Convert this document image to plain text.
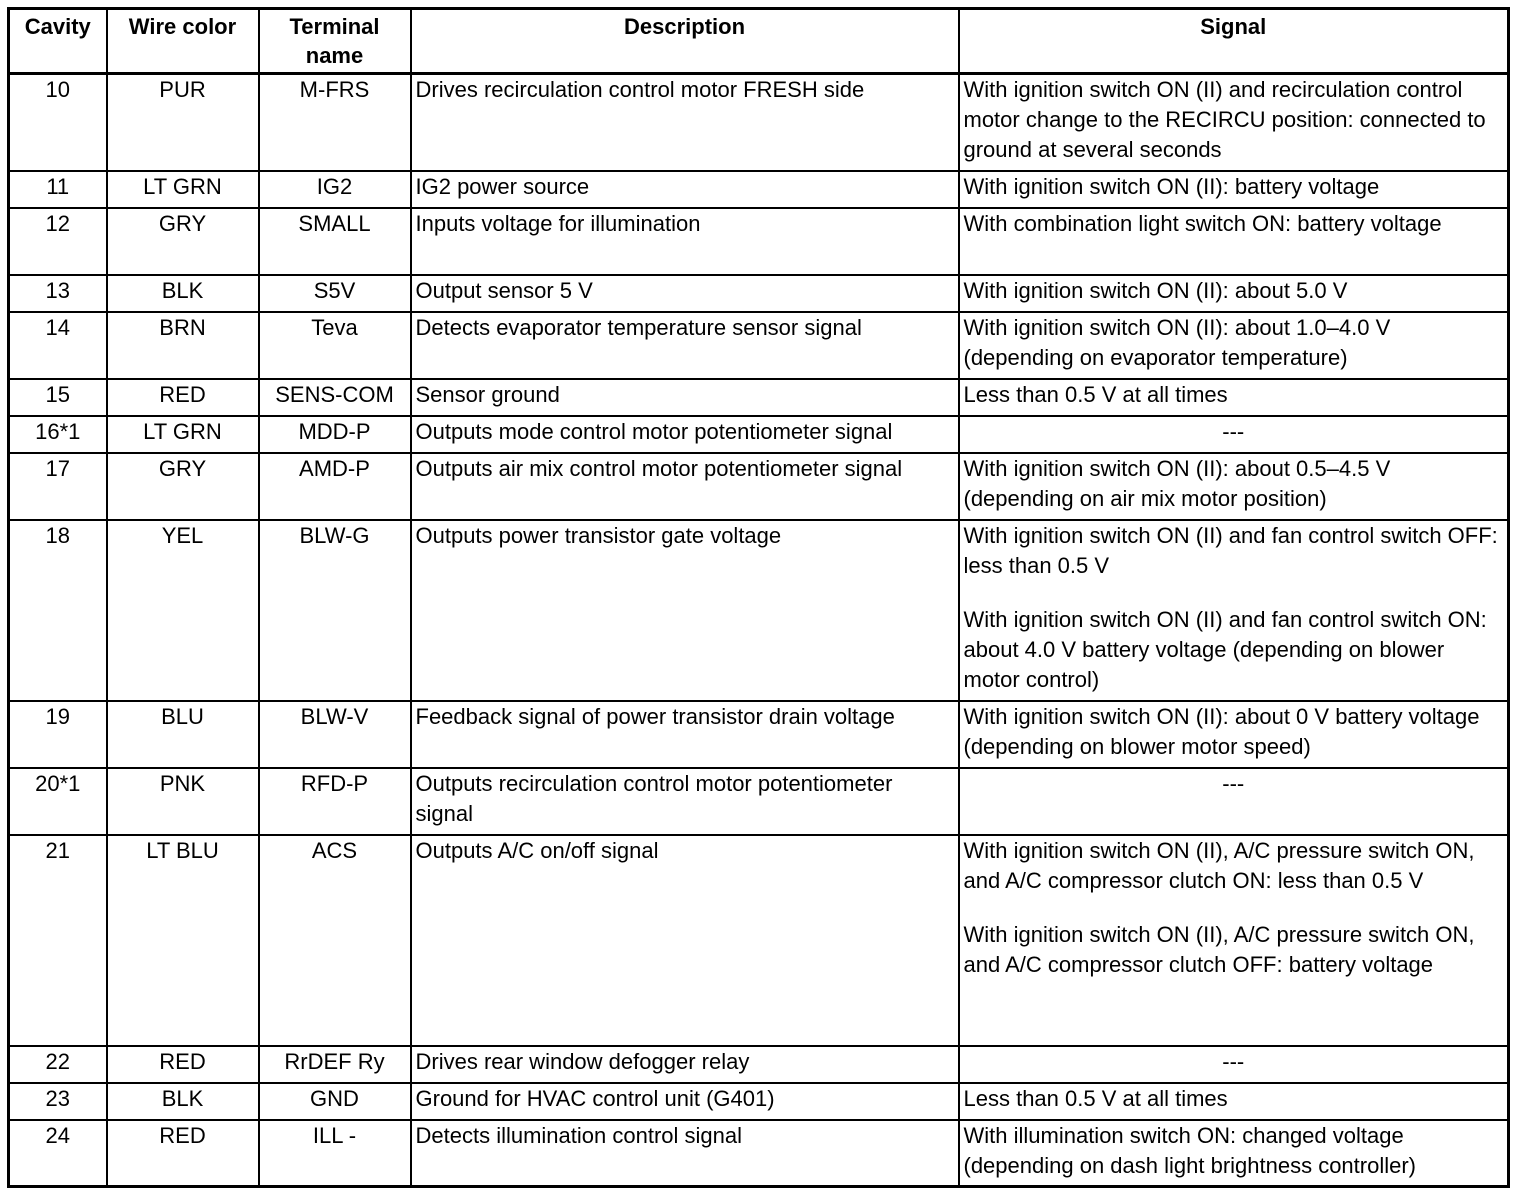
Cavity	Wire color	Terminal name	Description	Signal
10	PUR	M-FRS	Drives recirculation control motor FRESH side	With ignition switch ON (II) and recirculation control motor change to the RECIRCU position: connected to ground at several seconds

11	LT GRN	IG2	IG2 power source	With ignition switch ON (II): battery voltage

12	GRY	SMALL	Inputs voltage for illumination	With combination light switch ON: battery voltage

13	BLK	S5V	Output sensor 5 V	With ignition switch ON (II): about 5.0 V

14	BRN	Teva	Detects evaporator temperature sensor signal	With ignition switch ON (II): about 1.0–4.0 V (depending on evaporator temperature)

15	RED	SENS-COM	Sensor ground	Less than 0.5 V at all times

16*1	LT GRN	MDD-P	Outputs mode control motor potentiometer signal	---

17	GRY	AMD-P	Outputs air mix control motor potentiometer signal	With ignition switch ON (II): about 0.5–4.5 V (depending on air mix motor position)

18	YEL	BLW-G	Outputs power transistor gate voltage	With ignition switch ON (II) and fan control switch OFF: less than 0.5 V
With ignition switch ON (II) and fan control switch ON: about 4.0 V battery voltage (depending on blower motor control)

19	BLU	BLW-V	Feedback signal of power transistor drain voltage	With ignition switch ON (II): about 0 V battery voltage (depending on blower motor speed)

20*1	PNK	RFD-P	Outputs recirculation control motor potentiometer signal	---

21	LT BLU	ACS	Outputs A/C on/off signal	With ignition switch ON (II), A/C pressure switch ON, and A/C compressor clutch ON: less than 0.5 V
With ignition switch ON (II), A/C pressure switch ON, and A/C compressor clutch OFF: battery voltage

22	RED	RrDEF Ry	Drives rear window defogger relay	---

23	BLK	GND	Ground for HVAC control unit (G401)	Less than 0.5 V at all times

24	RED	ILL -	Detects illumination control signal	With illumination switch ON: changed voltage (depending on dash light brightness controller)
